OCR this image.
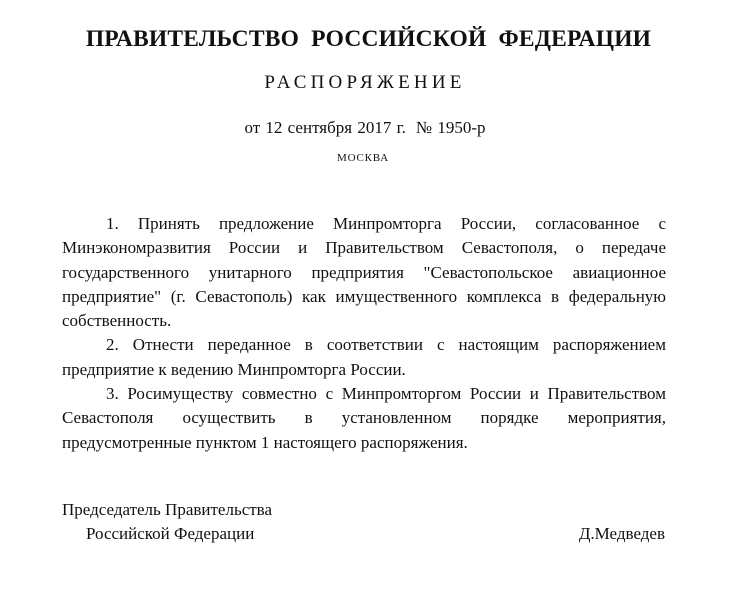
ПРАВИТЕЛЬСТВО РОССИЙСКОЙ ФЕДЕРАЦИИ
РАСПОРЯЖЕНИЕ
от 12 сентября 2017 г. № 1950-р
МОСКВА

1. Принять предложение Минпромторга России, согласованное с Минэкономразвития России и Правительством Севастополя, о передаче государственного унитарного предприятия "Севастопольское авиационное предприятие" (г. Севастополь) как имущественного комплекса в федеральную собственность.

2. Отнести переданное в соответствии с настоящим распоряжением предприятие к ведению Минпромторга России.

3. Росимуществу совместно с Минпромторгом России и Правительством Севастополя осуществить в установленном порядке мероприятия, предусмотренные пунктом 1 настоящего распоряжения.

Председатель Правительства
Российской Федерации	Д.Медведев
